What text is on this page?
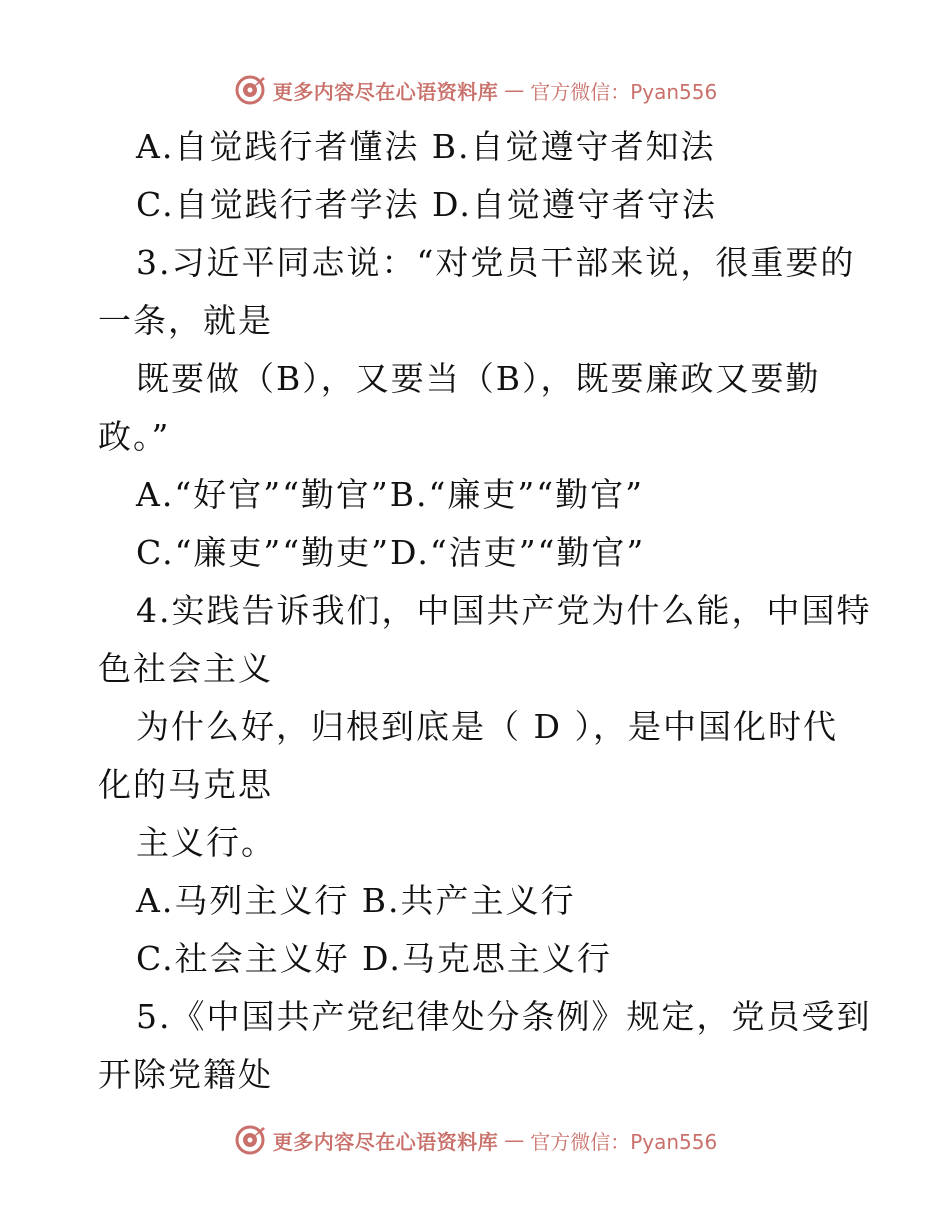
更多内容尽在心语资料库 — 官方微信：Pyan556
A.自觉践行者懂法 B.自觉遵守者知法
C.自觉践行者学法 D.自觉遵守者守法
3.习近平同志说：“对党员干部来说，很重要的
一条，就是
既要做（B），又要当（B），既要廉政又要勤
政。”
A.“好官”“勤官”B.“廉吏”“勤官”
C.“廉吏”“勤吏”D.“洁吏”“勤官”
4.实践告诉我们，中国共产党为什么能，中国特
色社会主义
为什么好，归根到底是（ D ），是中国化时代
化的马克思
主义行。
A.马列主义行 B.共产主义行
C.社会主义好 D.马克思主义行
5.《中国共产党纪律处分条例》规定，党员受到
开除党籍处
更多内容尽在心语资料库 — 官方微信：Pyan556
